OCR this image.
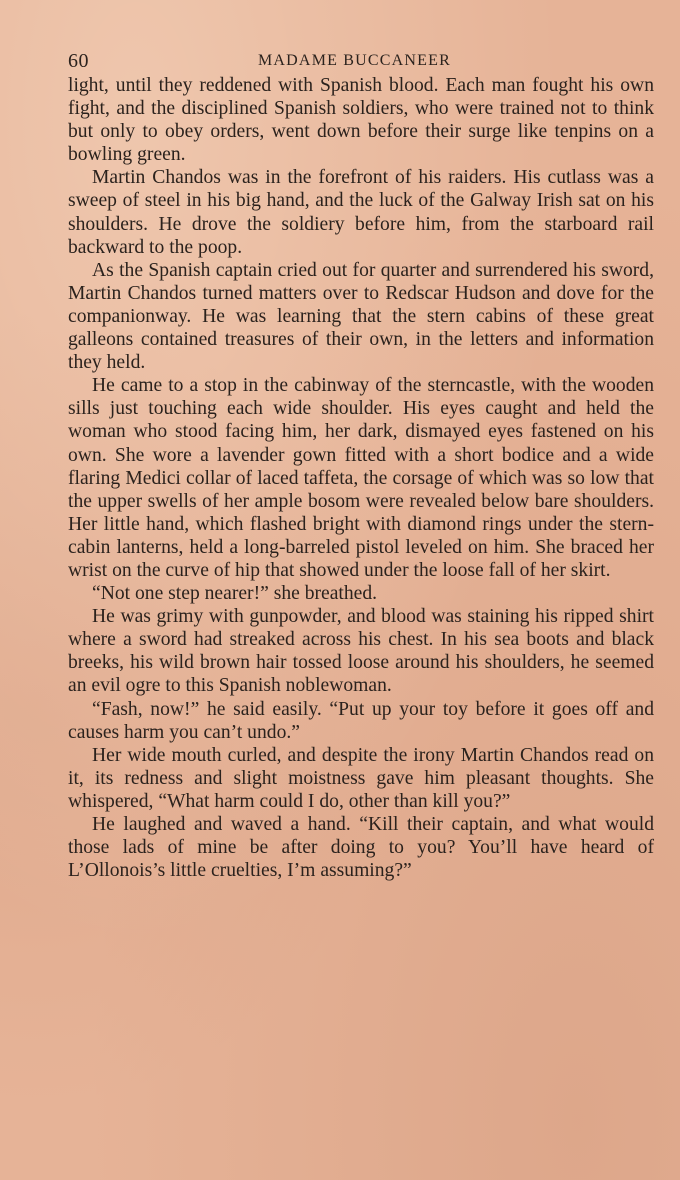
60	MADAME BUCCANEER

light, until they reddened with Spanish blood. Each man fought his own fight, and the disciplined Spanish soldiers, who were trained not to think but only to obey orders, went down before their surge like tenpins on a bowling green.

Martin Chandos was in the forefront of his raiders. His cutlass was a sweep of steel in his big hand, and the luck of the Galway Irish sat on his shoulders. He drove the soldiery before him, from the starboard rail backward to the poop.

As the Spanish captain cried out for quarter and surrendered his sword, Martin Chandos turned matters over to Redscar Hudson and dove for the companionway. He was learning that the stern cabins of these great galleons contained treasures of their own, in the letters and information they held.

He came to a stop in the cabinway of the sterncastle, with the wooden sills just touching each wide shoulder. His eyes caught and held the woman who stood facing him, her dark, dismayed eyes fastened on his own. She wore a lavender gown fitted with a short bodice and a wide flaring Medici collar of laced taffeta, the corsage of which was so low that the upper swells of her ample bosom were revealed below bare shoulders. Her little hand, which flashed bright with diamond rings under the stern-cabin lanterns, held a long-barreled pistol leveled on him. She braced her wrist on the curve of hip that showed under the loose fall of her skirt.

“Not one step nearer!” she breathed.

He was grimy with gunpowder, and blood was staining his ripped shirt where a sword had streaked across his chest. In his sea boots and black breeks, his wild brown hair tossed loose around his shoulders, he seemed an evil ogre to this Spanish noblewoman.

“Fash, now!” he said easily. “Put up your toy before it goes off and causes harm you can’t undo.”

Her wide mouth curled, and despite the irony Martin Chandos read on it, its redness and slight moistness gave him pleasant thoughts. She whispered, “What harm could I do, other than kill you?”

He laughed and waved a hand. “Kill their captain, and what would those lads of mine be after doing to you? You’ll have heard of L’Ollonois’s little cruelties, I’m assuming?”
